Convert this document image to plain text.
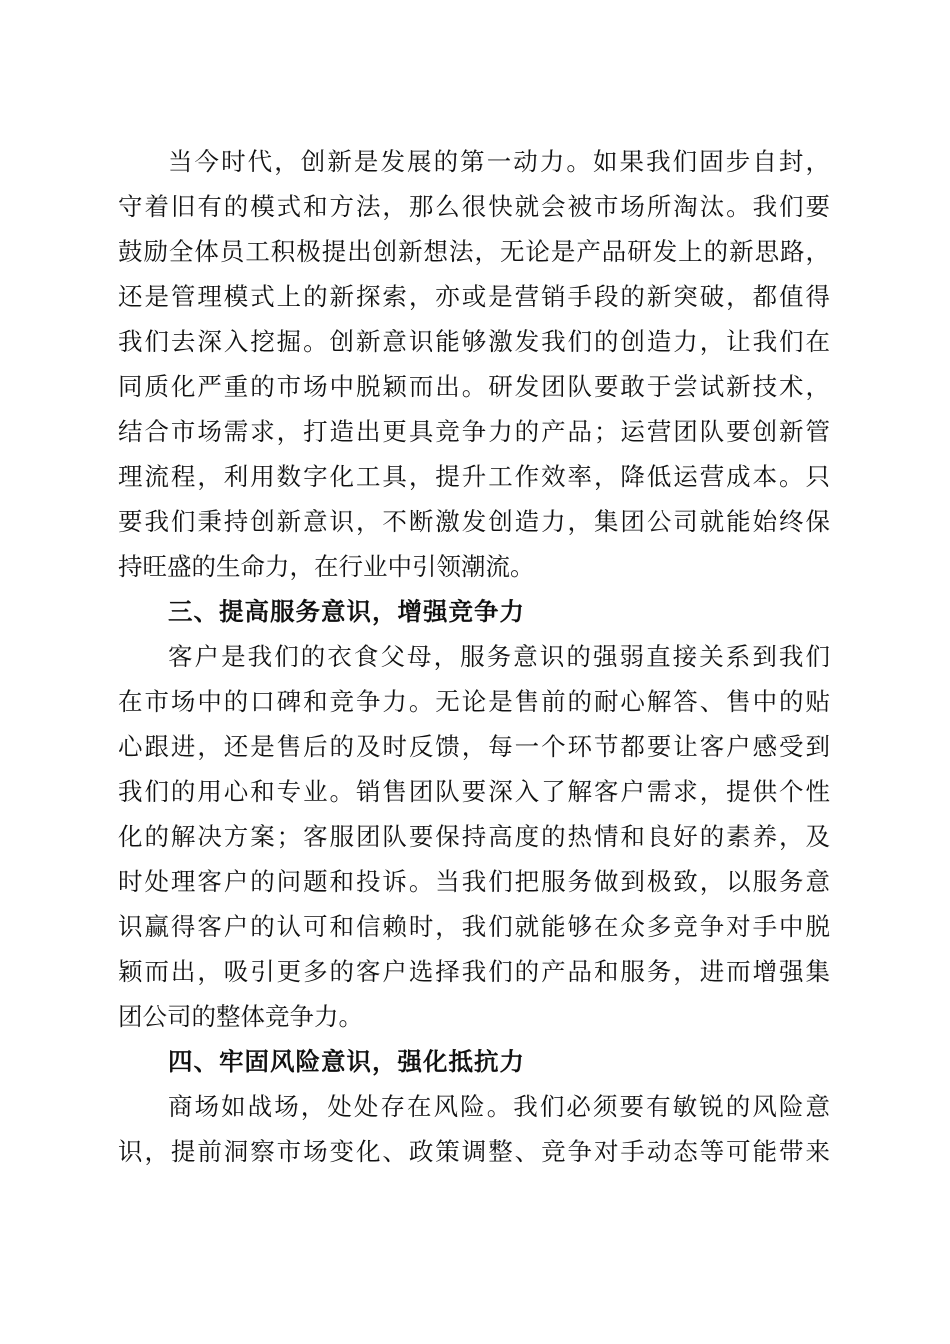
当今时代，创新是发展的第一动力。如果我们固步自封，
守着旧有的模式和方法，那么很快就会被市场所淘汰。我们要
鼓励全体员工积极提出创新想法，无论是产品研发上的新思路，
还是管理模式上的新探索，亦或是营销手段的新突破，都值得
我们去深入挖掘。创新意识能够激发我们的创造力，让我们在
同质化严重的市场中脱颖而出。研发团队要敢于尝试新技术，
结合市场需求，打造出更具竞争力的产品；运营团队要创新管
理流程，利用数字化工具，提升工作效率，降低运营成本。只
要我们秉持创新意识，不断激发创造力，集团公司就能始终保
持旺盛的生命力，在行业中引领潮流。
三、提高服务意识，增强竞争力
客户是我们的衣食父母，服务意识的强弱直接关系到我们
在市场中的口碑和竞争力。无论是售前的耐心解答、售中的贴
心跟进，还是售后的及时反馈，每一个环节都要让客户感受到
我们的用心和专业。销售团队要深入了解客户需求，提供个性
化的解决方案；客服团队要保持高度的热情和良好的素养，及
时处理客户的问题和投诉。当我们把服务做到极致，以服务意
识赢得客户的认可和信赖时，我们就能够在众多竞争对手中脱
颖而出，吸引更多的客户选择我们的产品和服务，进而增强集
团公司的整体竞争力。
四、牢固风险意识，强化抵抗力
商场如战场，处处存在风险。我们必须要有敏锐的风险意
识，提前洞察市场变化、政策调整、竞争对手动态等可能带来
